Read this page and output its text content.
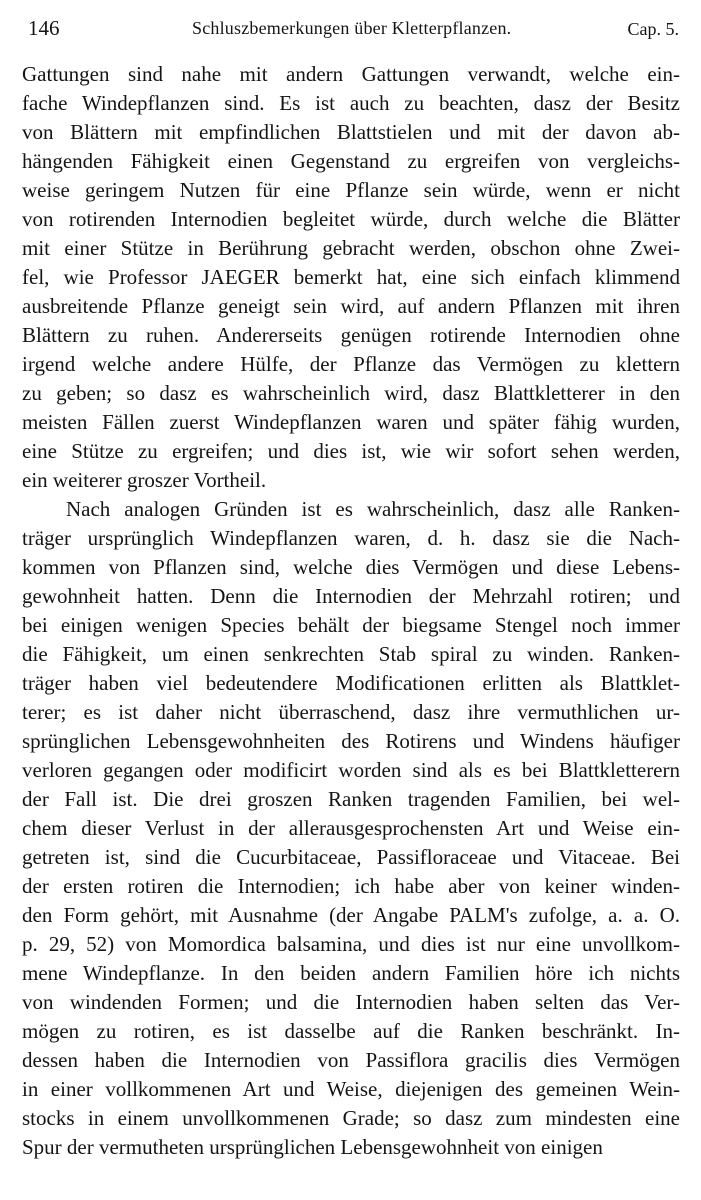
146	Schluszbemerkungen über Kletterpflanzen.	Cap. 5.
Gattungen sind nahe mit andern Gattungen verwandt, welche ein-
fache Windepflanzen sind. Es ist auch zu beachten, dasz der Besitz
von Blättern mit empfindlichen Blattstielen und mit der davon ab-
hängenden Fähigkeit einen Gegenstand zu ergreifen von vergleichs-
weise geringem Nutzen für eine Pflanze sein würde, wenn er nicht
von rotirenden Internodien begleitet würde, durch welche die Blätter
mit einer Stütze in Berührung gebracht werden, obschon ohne Zwei-
fel, wie Professor JAEGER bemerkt hat, eine sich einfach klimmend
ausbreitende Pflanze geneigt sein wird, auf andern Pflanzen mit ihren
Blättern zu ruhen. Andererseits genügen rotirende Internodien ohne
irgend welche andere Hülfe, der Pflanze das Vermögen zu klettern
zu geben; so dasz es wahrscheinlich wird, dasz Blattkletterer in den
meisten Fällen zuerst Windepflanzen waren und später fähig wurden,
eine Stütze zu ergreifen; und dies ist, wie wir sofort sehen werden,
ein weiterer groszer Vortheil.
Nach analogen Gründen ist es wahrscheinlich, dasz alle Ranken-
träger ursprünglich Windepflanzen waren, d. h. dasz sie die Nach-
kommen von Pflanzen sind, welche dies Vermögen und diese Lebens-
gewohnheit hatten. Denn die Internodien der Mehrzahl rotiren; und
bei einigen wenigen Species behält der biegsame Stengel noch immer
die Fähigkeit, um einen senkrechten Stab spiral zu winden. Ranken-
träger haben viel bedeutendere Modificationen erlitten als Blattklet-
terer; es ist daher nicht überraschend, dasz ihre vermuthlichen ur-
sprünglichen Lebensgewohnheiten des Rotirens und Windens häufiger
verloren gegangen oder modificirt worden sind als es bei Blattkletterern
der Fall ist. Die drei groszen Ranken tragenden Familien, bei wel-
chem dieser Verlust in der allerausgesprochensten Art und Weise ein-
getreten ist, sind die Cucurbitaceae, Passifloraceae und Vitaceae. Bei
der ersten rotiren die Internodien; ich habe aber von keiner winden-
den Form gehört, mit Ausnahme (der Angabe PALM's zufolge, a. a. O.
p. 29, 52) von Momordica balsamina, und dies ist nur eine unvollkom-
mene Windepflanze. In den beiden andern Familien höre ich nichts
von windenden Formen; und die Internodien haben selten das Ver-
mögen zu rotiren, es ist dasselbe auf die Ranken beschränkt. In-
dessen haben die Internodien von Passiflora gracilis dies Vermögen
in einer vollkommenen Art und Weise, diejenigen des gemeinen Wein-
stocks in einem unvollkommenen Grade; so dasz zum mindesten eine
Spur der vermutheten ursprünglichen Lebensgewohnheit von einigen
